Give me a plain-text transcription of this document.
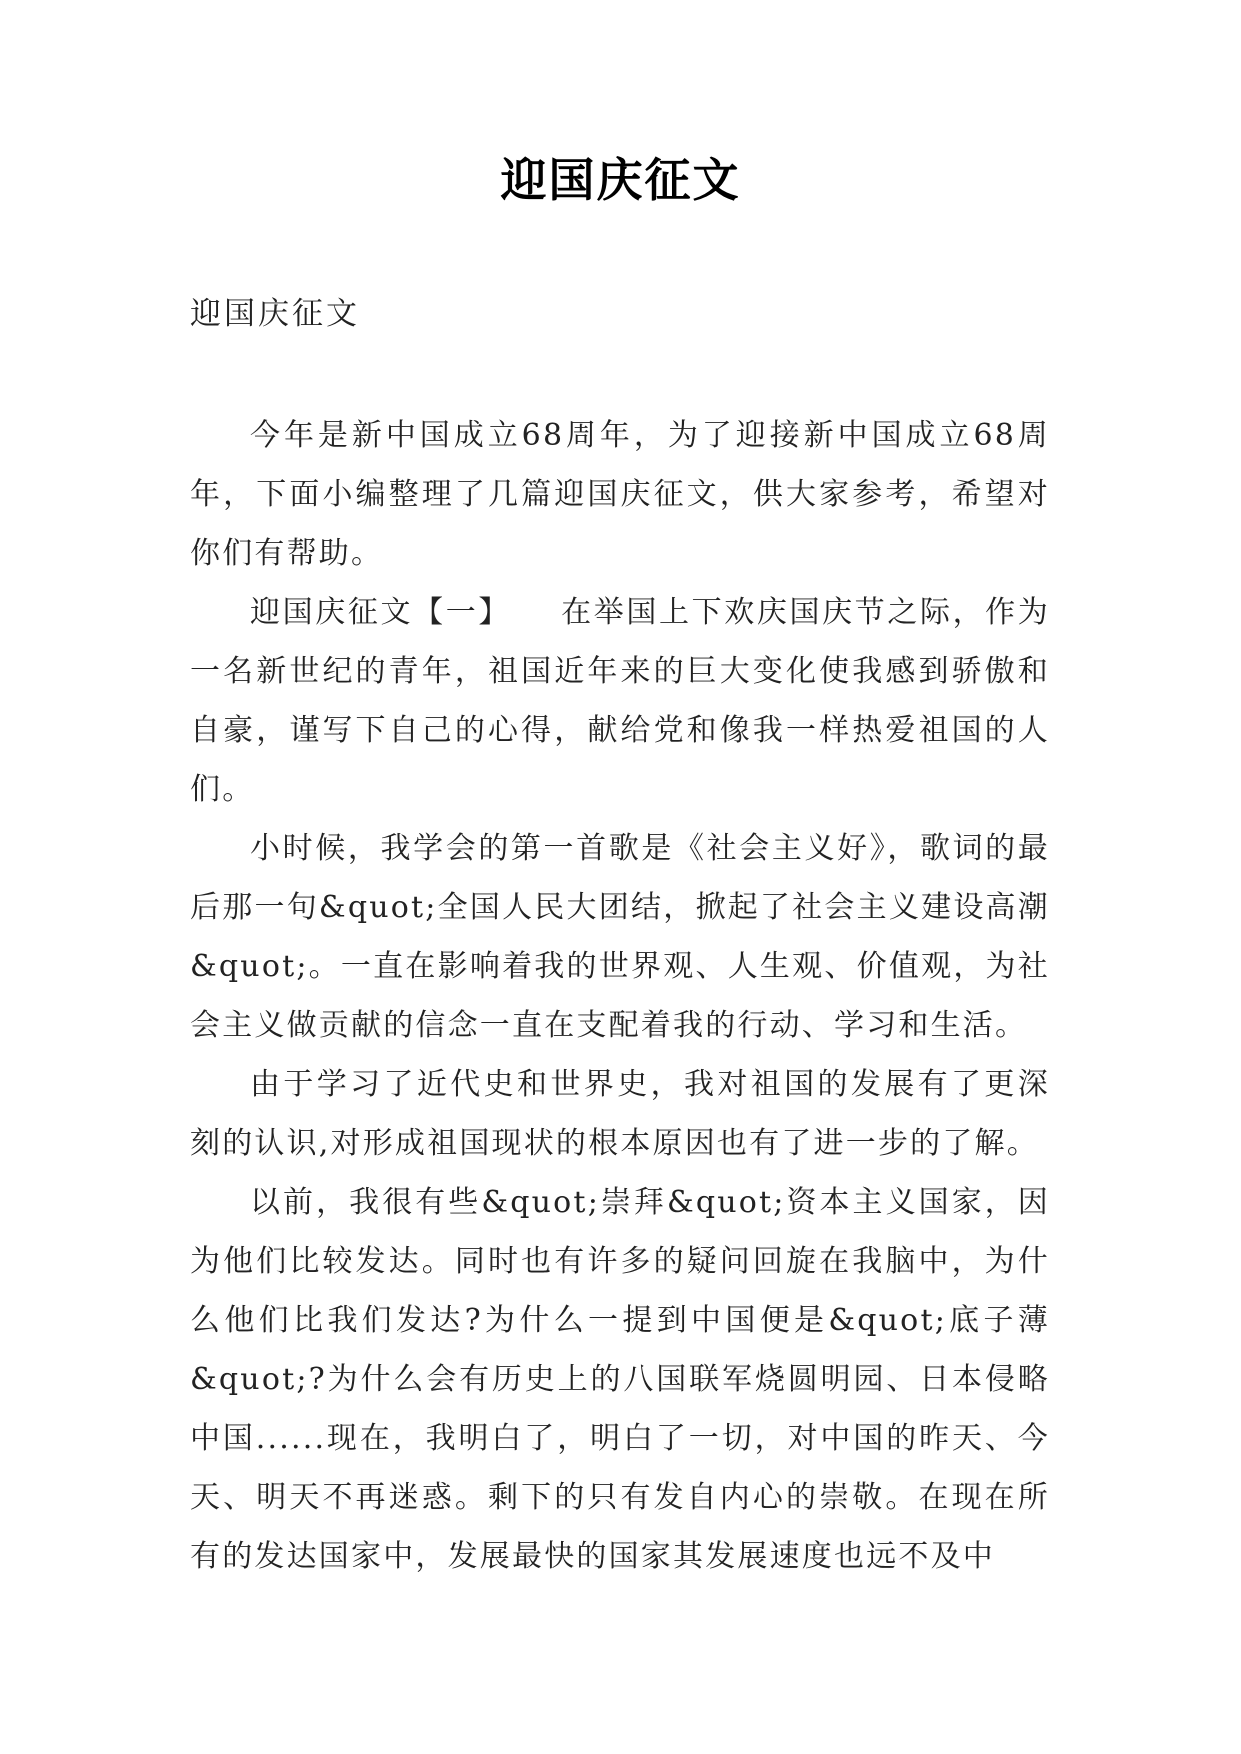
迎国庆征文
迎国庆征文

今年是新中国成立68周年，为了迎接新中国成立68周年，下面小编整理了几篇迎国庆征文，供大家参考，希望对你们有帮助。

迎国庆征文【一】　　在举国上下欢庆国庆节之际，作为一名新世纪的青年，祖国近年来的巨大变化使我感到骄傲和自豪，谨写下自己的心得，献给党和像我一样热爱祖国的人们。

小时候，我学会的第一首歌是《社会主义好》，歌词的最后那一句&quot;全国人民大团结，掀起了社会主义建设高潮&quot;。一直在影响着我的世界观、人生观、价值观，为社会主义做贡献的信念一直在支配着我的行动、学习和生活。

由于学习了近代史和世界史，我对祖国的发展有了更深刻的认识,对形成祖国现状的根本原因也有了进一步的了解。

以前，我很有些&quot;崇拜&quot;资本主义国家，因为他们比较发达。同时也有许多的疑问回旋在我脑中，为什么他们比我们发达?为什么一提到中国便是&quot;底子薄&quot;?为什么会有历史上的八国联军烧圆明园、日本侵略中国......现在，我明白了，明白了一切，对中国的昨天、今天、明天不再迷惑。剩下的只有发自内心的崇敬。在现在所有的发达国家中，发展最快的国家其发展速度也远不及中
